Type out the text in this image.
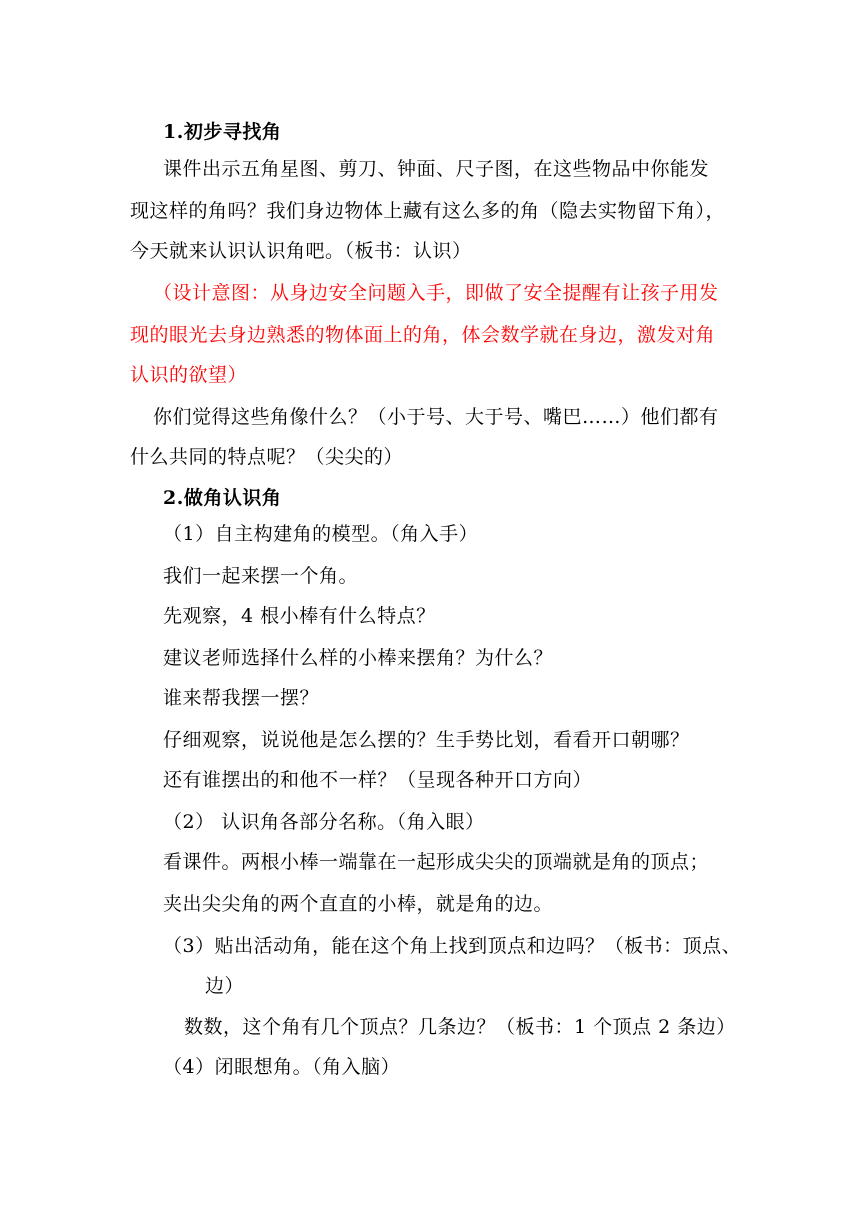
1.初步寻找角
课件出示五角星图、剪刀、钟面、尺子图，在这些物品中你能发
现这样的角吗？我们身边物体上藏有这么多的角（隐去实物留下角），
今天就来认识认识角吧。（板书：认识）
（设计意图：从身边安全问题入手，即做了安全提醒有让孩子用发
现的眼光去身边熟悉的物体面上的角，体会数学就在身边，激发对角
认识的欲望）
你们觉得这些角像什么？（小于号、大于号、嘴巴……）他们都有
什么共同的特点呢？（尖尖的）
2.做角认识角
（1）自主构建角的模型。（角入手）
我们一起来摆一个角。
先观察，4 根小棒有什么特点？
建议老师选择什么样的小棒来摆角？为什么？
谁来帮我摆一摆？
仔细观察，说说他是怎么摆的？生手势比划，看看开口朝哪？
还有谁摆出的和他不一样？（呈现各种开口方向）
（2） 认识角各部分名称。（角入眼）
看课件。两根小棒一端靠在一起形成尖尖的顶端就是角的顶点；
夹出尖尖角的两个直直的小棒，就是角的边。
（3）贴出活动角，能在这个角上找到顶点和边吗？（板书：顶点、
边）
数数，这个角有几个顶点？几条边？（板书：1 个顶点 2 条边）
（4）闭眼想角。（角入脑）
